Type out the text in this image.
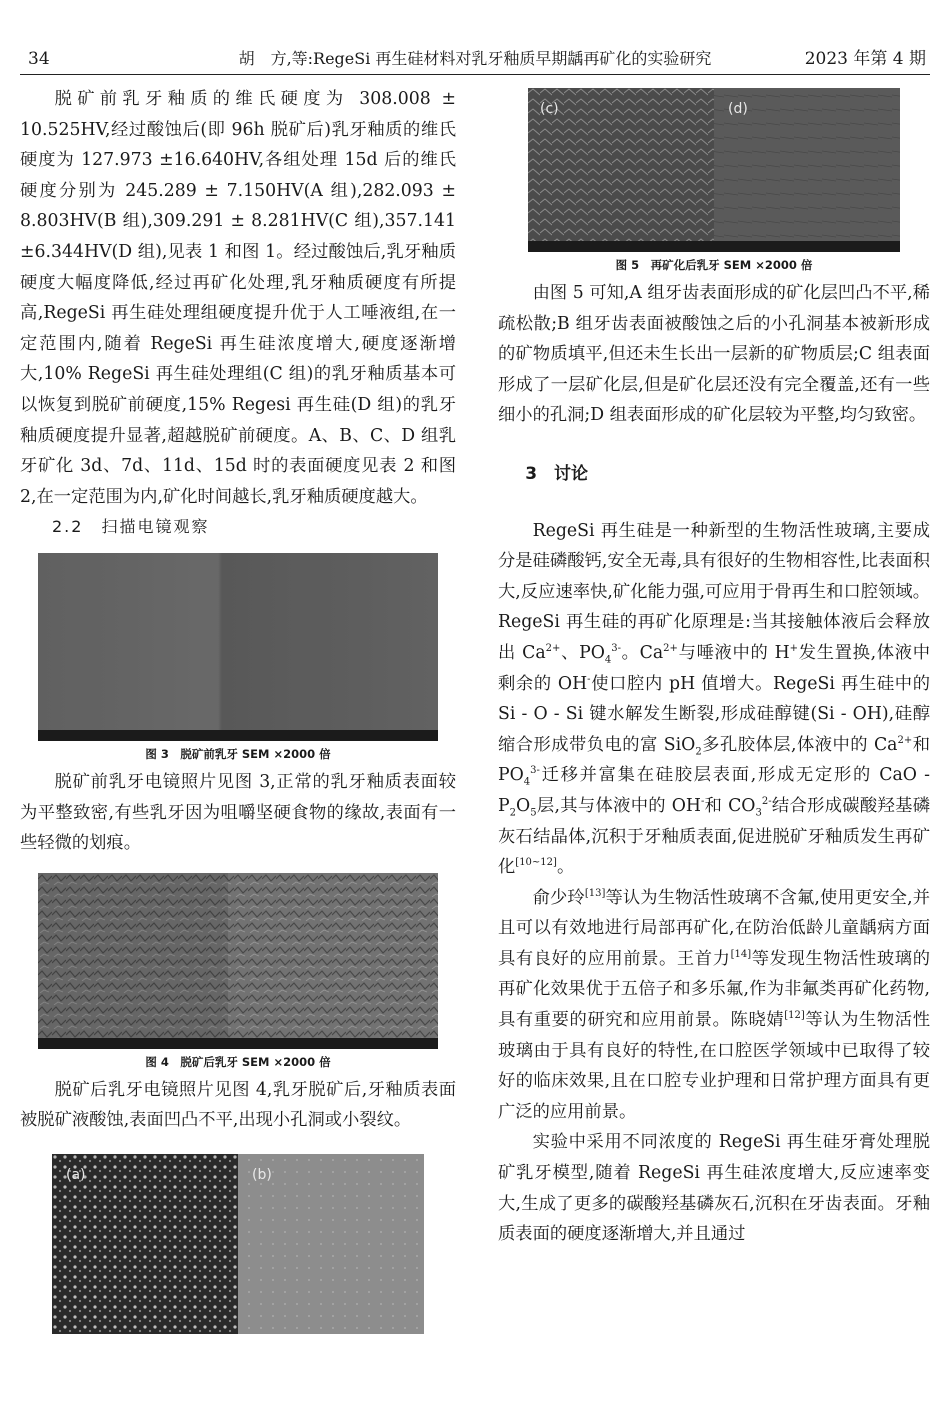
34	胡　方,等:RegeSi 再生硅材料对乳牙釉质早期龋再矿化的实验研究	2023 年第 4 期

脱矿前乳牙釉质的维氏硬度为 308.008 ± 10.525HV,经过酸蚀后(即 96h 脱矿后)乳牙釉质的维氏硬度为 127.973 ±16.640HV,各组处理 15d 后的维氏硬度分别为 245.289 ± 7.150HV(A 组),282.093 ± 8.803HV(B 组),309.291 ± 8.281HV(C 组),357.141 ±6.344HV(D 组),见表 1 和图 1。经过酸蚀后,乳牙釉质硬度大幅度降低,经过再矿化处理,乳牙釉质硬度有所提高,RegeSi 再生硅处理组硬度提升优于人工唾液组,在一定范围内,随着 RegeSi 再生硅浓度增大,硬度逐渐增大,10% RegeSi 再生硅处理组(C 组)的乳牙釉质基本可以恢复到脱矿前硬度,15% Regesi 再生硅(D 组)的乳牙釉质硬度提升显著,超越脱矿前硬度。A、B、C、D 组乳牙矿化 3d、7d、11d、15d 时的表面硬度见表 2 和图 2,在一定范围为内,矿化时间越长,乳牙釉质硬度越大。

2.2　扫描电镜观察
图 3　脱矿前乳牙 SEM ×2000 倍

脱矿前乳牙电镜照片见图 3,正常的乳牙釉质表面较为平整致密,有些乳牙因为咀嚼坚硬食物的缘故,表面有一些轻微的划痕。

图 4　脱矿后乳牙 SEM ×2000 倍

脱矿后乳牙电镜照片见图 4,乳牙脱矿后,牙釉质表面被脱矿液酸蚀,表面凹凸不平,出现小孔洞或小裂纹。

(a)	(b)
(c)	(d)
图 5　再矿化后乳牙 SEM ×2000 倍

由图 5 可知,A 组牙齿表面形成的矿化层凹凸不平,稀疏松散;B 组牙齿表面被酸蚀之后的小孔洞基本被新形成的矿物质填平,但还未生长出一层新的矿物质层;C 组表面形成了一层矿化层,但是矿化层还没有完全覆盖,还有一些细小的孔洞;D 组表面形成的矿化层较为平整,均匀致密。

3　讨论

RegeSi 再生硅是一种新型的生物活性玻璃,主要成分是硅磷酸钙,安全无毒,具有很好的生物相容性,比表面积大,反应速率快,矿化能力强,可应用于骨再生和口腔领域。RegeSi 再生硅的再矿化原理是:当其接触体液后会释放出 $Ca^{2+}$、$PO_4^{3-}$。$Ca^{2+}$与唾液中的 H+发生置换,体液中剩余的 OH-使口腔内 pH 值增大。RegeSi 再生硅中的 Si - O - Si 键水解发生断裂,形成硅醇键(Si - OH),硅醇缩合形成带负电的富 SiO$_2$多孔胶体层,体液中的 $Ca^{2+}$和 $PO_4^{3-}$迁移并富集在硅胶层表面,形成无定形的 CaO - $P_2O_5$层,其与体液中的 OH-和 $CO_3^{2-}$结合形成碳酸羟基磷灰石结晶体,沉积于牙釉质表面,促进脱矿牙釉质发生再矿化[10~12]。

俞少玲[13]等认为生物活性玻璃不含氟,使用更安全,并且可以有效地进行局部再矿化,在防治低龄儿童龋病方面具有良好的应用前景。王首力[14]等发现生物活性玻璃的再矿化效果优于五倍子和多乐氟,作为非氟类再矿化药物,具有重要的研究和应用前景。陈晓婧[12]等认为生物活性玻璃由于具有良好的特性,在口腔医学领域中已取得了较好的临床效果,且在口腔专业护理和日常护理方面具有更广泛的应用前景。

实验中采用不同浓度的 RegeSi 再生硅牙膏处理脱矿乳牙模型,随着 RegeSi 再生硅浓度增大,反应速率变大,生成了更多的碳酸羟基磷灰石,沉积在牙齿表面。牙釉质表面的硬度逐渐增大,并且通过
